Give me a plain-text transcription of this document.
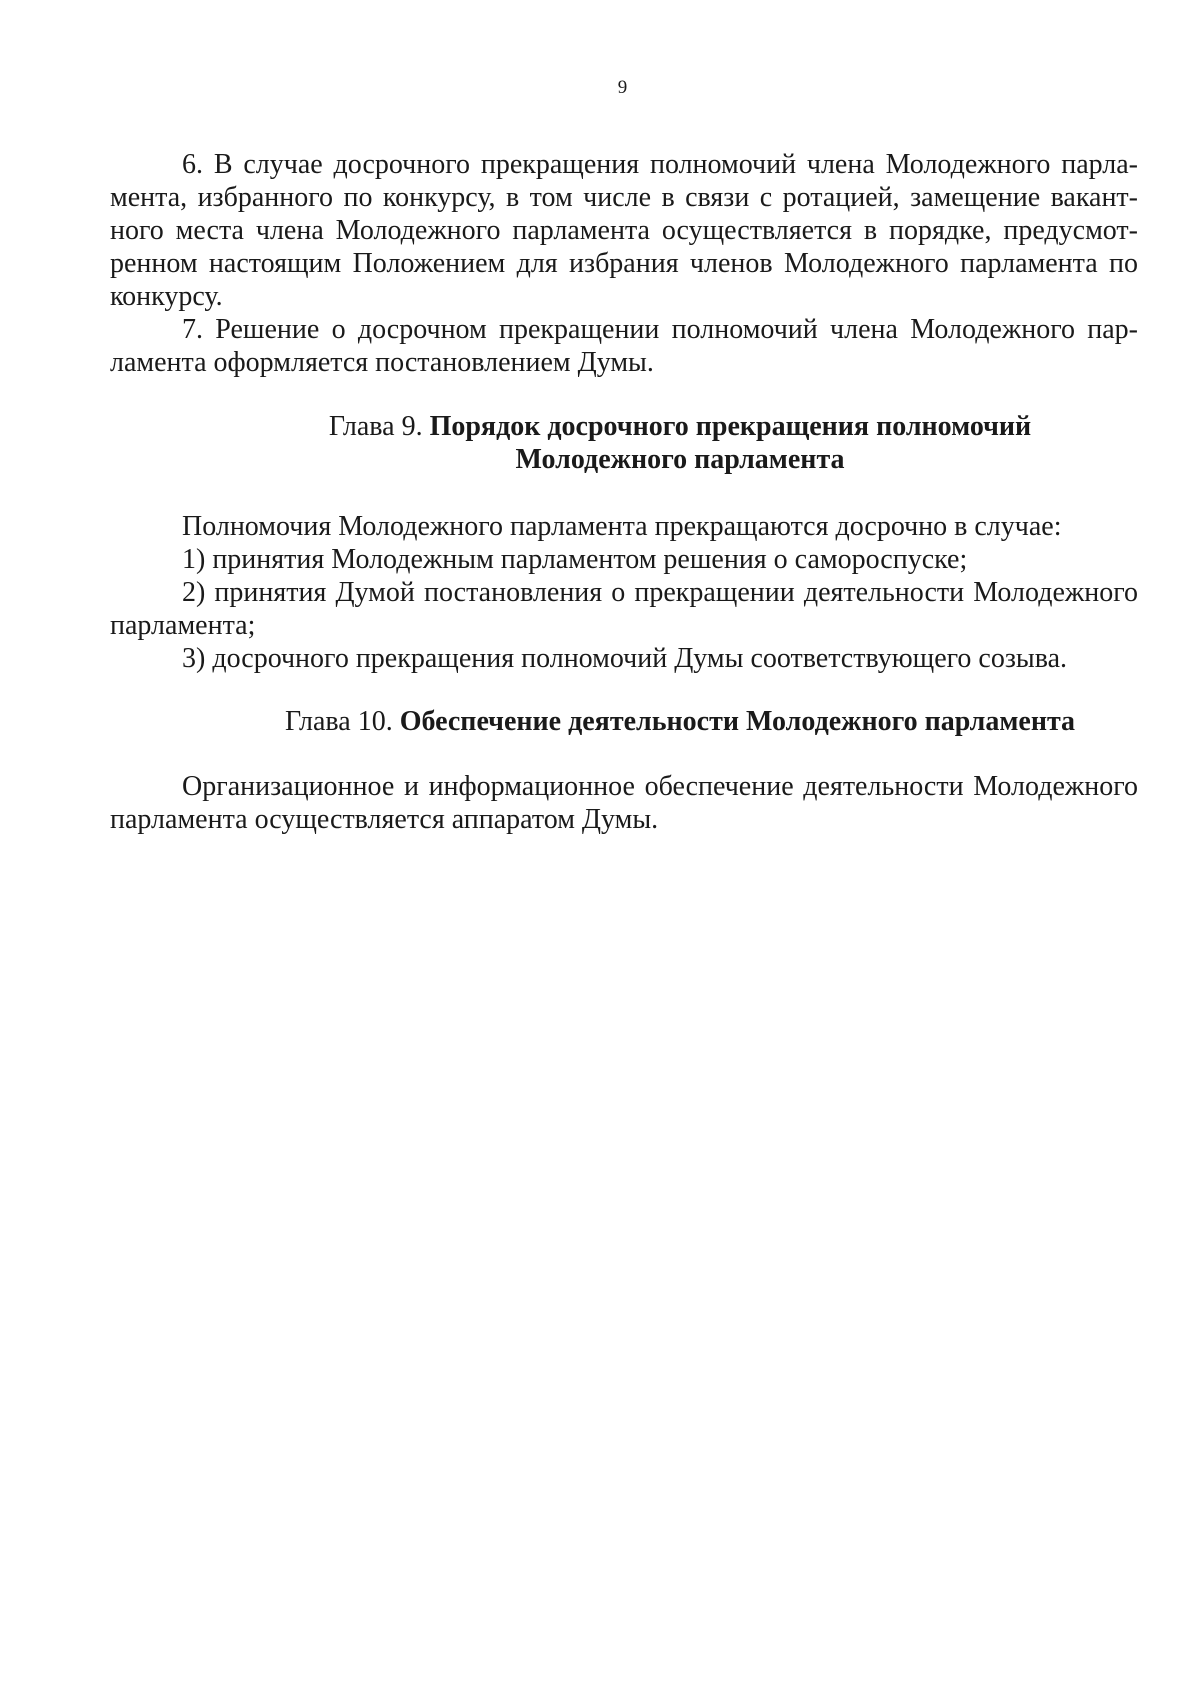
9
6. В случае досрочного прекращения полномочий члена Молодежного парла-
мента, избранного по конкурсу, в том числе в связи с ротацией, замещение вакант-
ного места члена Молодежного парламента осуществляется в порядке, предусмот-
ренном настоящим Положением для избрания членов Молодежного парламента по
конкурсу.
7. Решение о досрочном прекращении полномочий члена Молодежного пар-
ламента оформляется постановлением Думы.
Глава 9. Порядок досрочного прекращения полномочий
Молодежного парламента
Полномочия Молодежного парламента прекращаются досрочно в случае:
1) принятия Молодежным парламентом решения о самороспуске;
2) принятия Думой постановления о прекращении деятельности Молодежного
парламента;
3) досрочного прекращения полномочий Думы соответствующего созыва.
Глава 10. Обеспечение деятельности Молодежного парламента
Организационное и информационное обеспечение деятельности Молодежного
парламента осуществляется аппаратом Думы.
